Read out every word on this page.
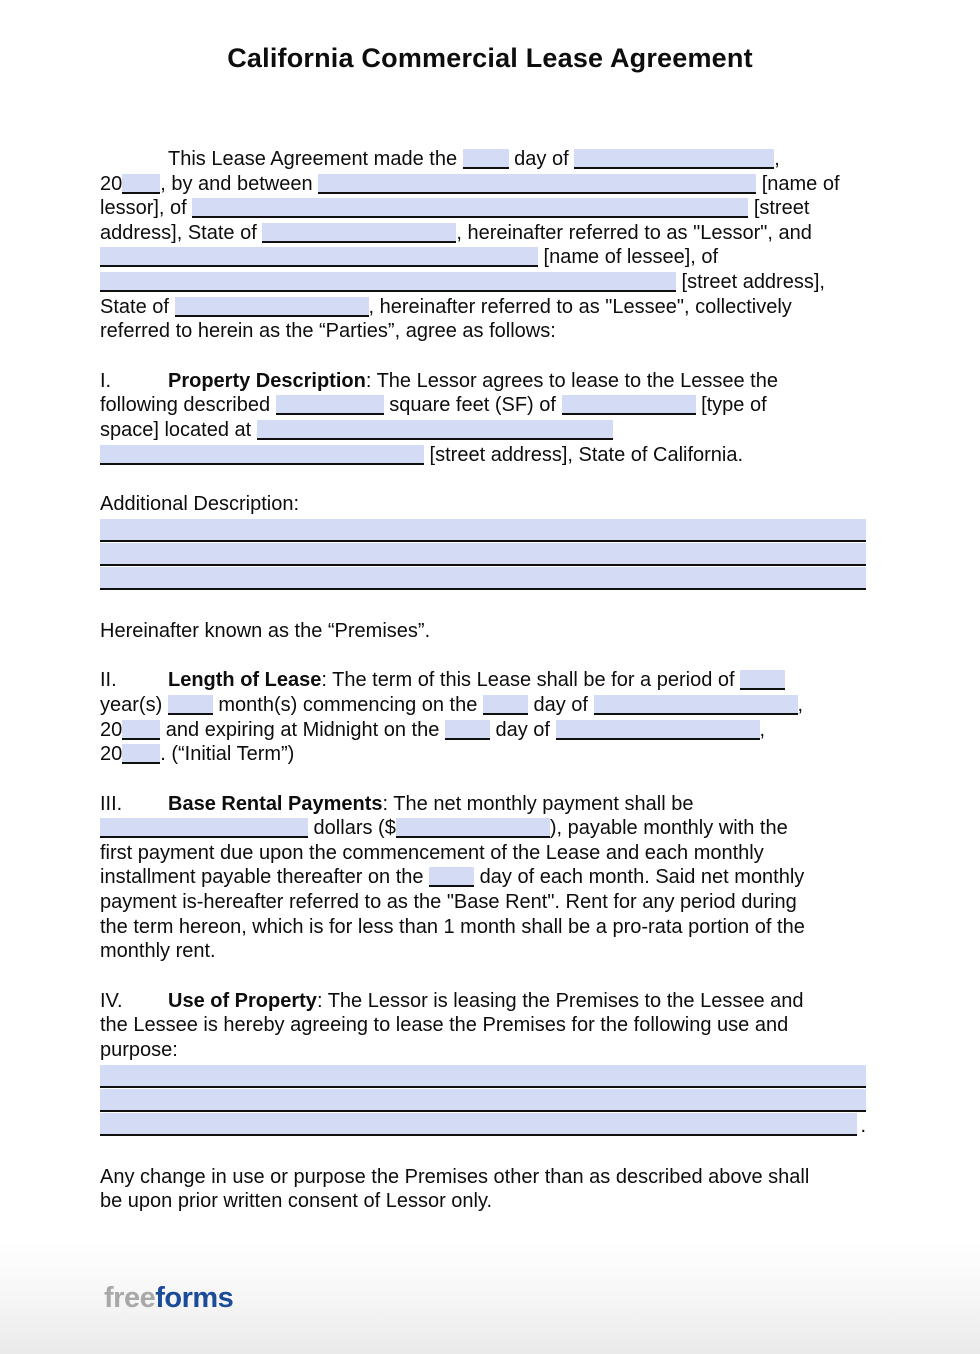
California Commercial Lease Agreement
This Lease Agreement made the  day of	,
20 , by and between	[name of
lessor], of	[street
address], State of	, hereinafter referred to as "Lessor", and
[name of lessee], of
[street address],
State of	, hereinafter referred to as "Lessee", collectively
referred to herein as the “Parties”, agree as follows:
I.	Property Description: The Lessor agrees to lease to the Lessee the
following described	square feet (SF) of	[type of
space] located at
[street address], State of California.
Additional Description:
Hereinafter known as the “Premises”.
II.	Length of Lease: The term of this Lease shall be for a period of
year(s)  month(s) commencing on the  day of	,
20 and expiring at Midnight on the  day of	,
20 . (“Initial Term”)
III. Base Rental Payments: The net monthly payment shall be
dollars ($	), payable monthly with the
first payment due upon the commencement of the Lease and each monthly
installment payable thereafter on the  day of each month. Said net monthly
payment is-hereafter referred to as the "Base Rent". Rent for any period during
the term hereon, which is for less than 1 month shall be a pro-rata portion of the
monthly rent.
IV. Use of Property: The Lessor is leasing the Premises to the Lessee and
the Lessee is hereby agreeing to lease the Premises for the following use and
purpose:
.
Any change in use or purpose the Premises other than as described above shall
be upon prior written consent of Lessor only.
freeforms
